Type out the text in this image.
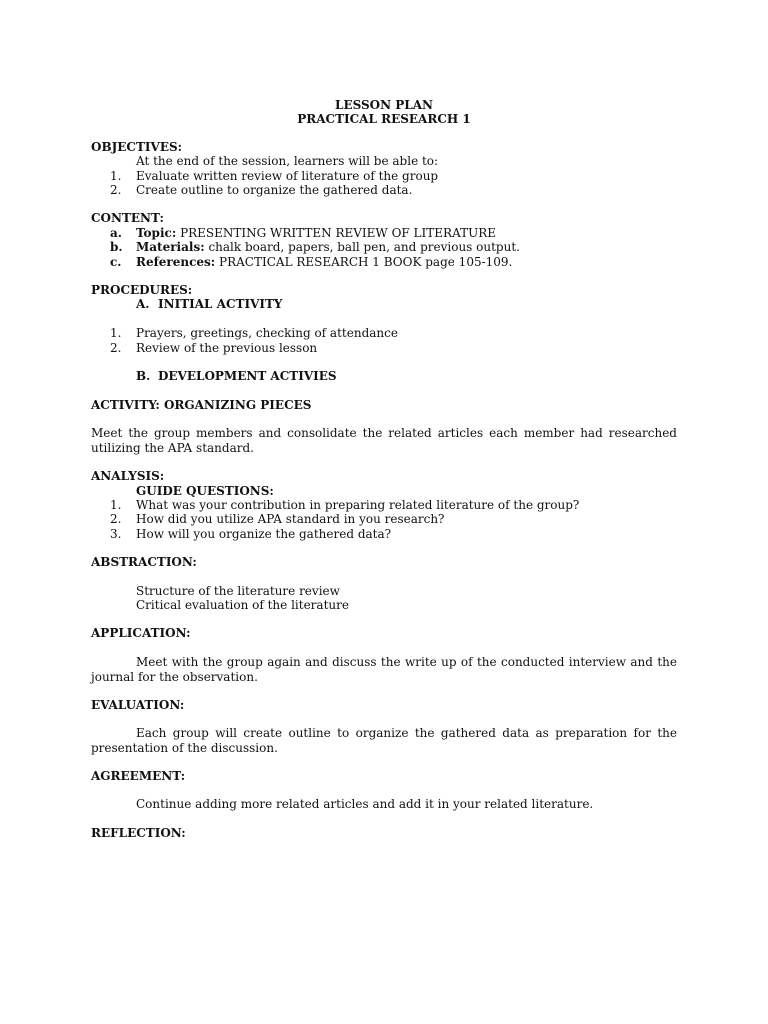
LESSON PLAN
PRACTICAL RESEARCH 1
OBJECTIVES:
At the end of the session, learners will be able to:
1. Evaluate written review of literature of the group
2. Create outline to organize the gathered data.
CONTENT:
a. Topic: PRESENTING WRITTEN REVIEW OF LITERATURE
b. Materials: chalk board, papers, ball pen, and previous output.
c. References: PRACTICAL RESEARCH 1 BOOK page 105-109.
PROCEDURES:
A. INITIAL ACTIVITY
1. Prayers, greetings, checking of attendance
2. Review of the previous lesson
B. DEVELOPMENT ACTIVIES
ACTIVITY: ORGANIZING PIECES
Meet the group members and consolidate the related articles each member had researched utilizing the APA standard.
ANALYSIS:
GUIDE QUESTIONS:
1. What was your contribution in preparing related literature of the group?
2. How did you utilize APA standard in you research?
3. How will you organize the gathered data?
ABSTRACTION:
Structure of the literature review
Critical evaluation of the literature
APPLICATION:
Meet with the group again and discuss the write up of the conducted interview and the journal for the observation.
EVALUATION:
Each group will create outline to organize the gathered data as preparation for the presentation of the discussion.
AGREEMENT:
Continue adding more related articles and add it in your related literature.
REFLECTION:
